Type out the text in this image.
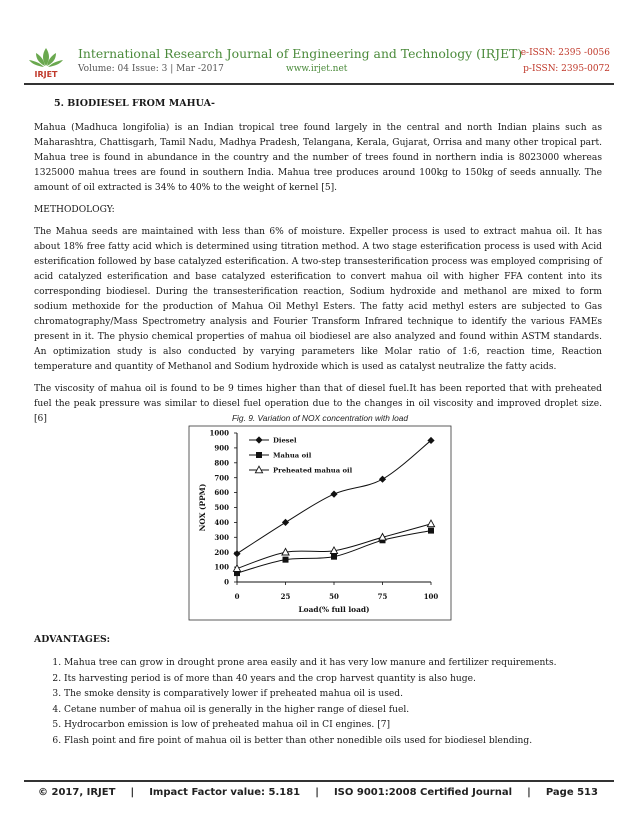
IRJET
International Research Journal of Engineering and Technology (IRJET)
e-ISSN: 2395 -0056
Volume: 04 Issue: 3 | Mar -2017	www.irjet.net	p-ISSN: 2395-0072
5. BIODIESEL FROM MAHUA-

Mahua (Madhuca longifolia) is an Indian tropical tree found largely in the central and north Indian plains such as Maharashtra, Chattisgarh, Tamil Nadu, Madhya Pradesh, Telangana, Kerala, Gujarat, Orrisa and many other tropical part. Mahua tree is found in abundance in the country and the number of trees found in northern india is 8023000 whereas 1325000 mahua trees are found in southern India. Mahua tree produces around 100kg to 150kg of seeds annually. The amount of oil extracted is 34% to 40% to the weight of kernel [5].

METHODOLOGY:

The Mahua seeds are maintained with less than 6% of moisture. Expeller process is used to extract mahua oil. It has about 18% free fatty acid which is determined using titration method. A two stage esterification process is used with Acid esterification followed by base catalyzed esterification. A two-step transesterification process was employed comprising of acid catalyzed esterification and base catalyzed esterification to convert mahua oil with higher FFA content into its corresponding biodiesel. During the transesterification reaction, Sodium hydroxide and methanol are mixed to form sodium methoxide for the production of Mahua Oil Methyl Esters. The fatty acid methyl esters are subjected to Gas chromatography/Mass Spectrometry analysis and Fourier Transform Infrared technique to identify the various FAMEs present in it. The physio chemical properties of mahua oil biodiesel are also analyzed and found within ASTM standards. An optimization study is also conducted by varying parameters like Molar ratio of 1:6, reaction time, Reaction temperature and quantity of Methanol and Sodium hydroxide which is used as catalyst neutralize the fatty acids.

The viscosity of mahua oil is found to be 9 times higher than that of diesel fuel.It has been reported that with preheated fuel the peak pressure was similar to diesel fuel operation due to the changes in oil viscosity and improved droplet size. [6]	Fig. 9. Variation of NOX concentration with load
0
100
200
300
400
500
600
700
800
900
1000
0	25	50	75	100
Load(% full load)
NOX (PPM)
Diesel
Mahua oil
Preheated mahua oil
ADVANTAGES:
1. Mahua tree can grow in drought prone area easily and it has very low manure and fertilizer requirements.
2. Its harvesting period is of more than 40 years and the crop harvest quantity is also huge.
3. The smoke density is comparatively lower if preheated mahua oil is used.
4. Cetane number of mahua oil is generally in the higher range of diesel fuel.
5. Hydrocarbon emission is low of preheated mahua oil in CI engines. [7]
6. Flash point and fire point of mahua oil is better than other nonedible oils used for biodiesel blending.
© 2017, IRJET | Impact Factor value: 5.181 | ISO 9001:2008 Certified Journal | Page 513
